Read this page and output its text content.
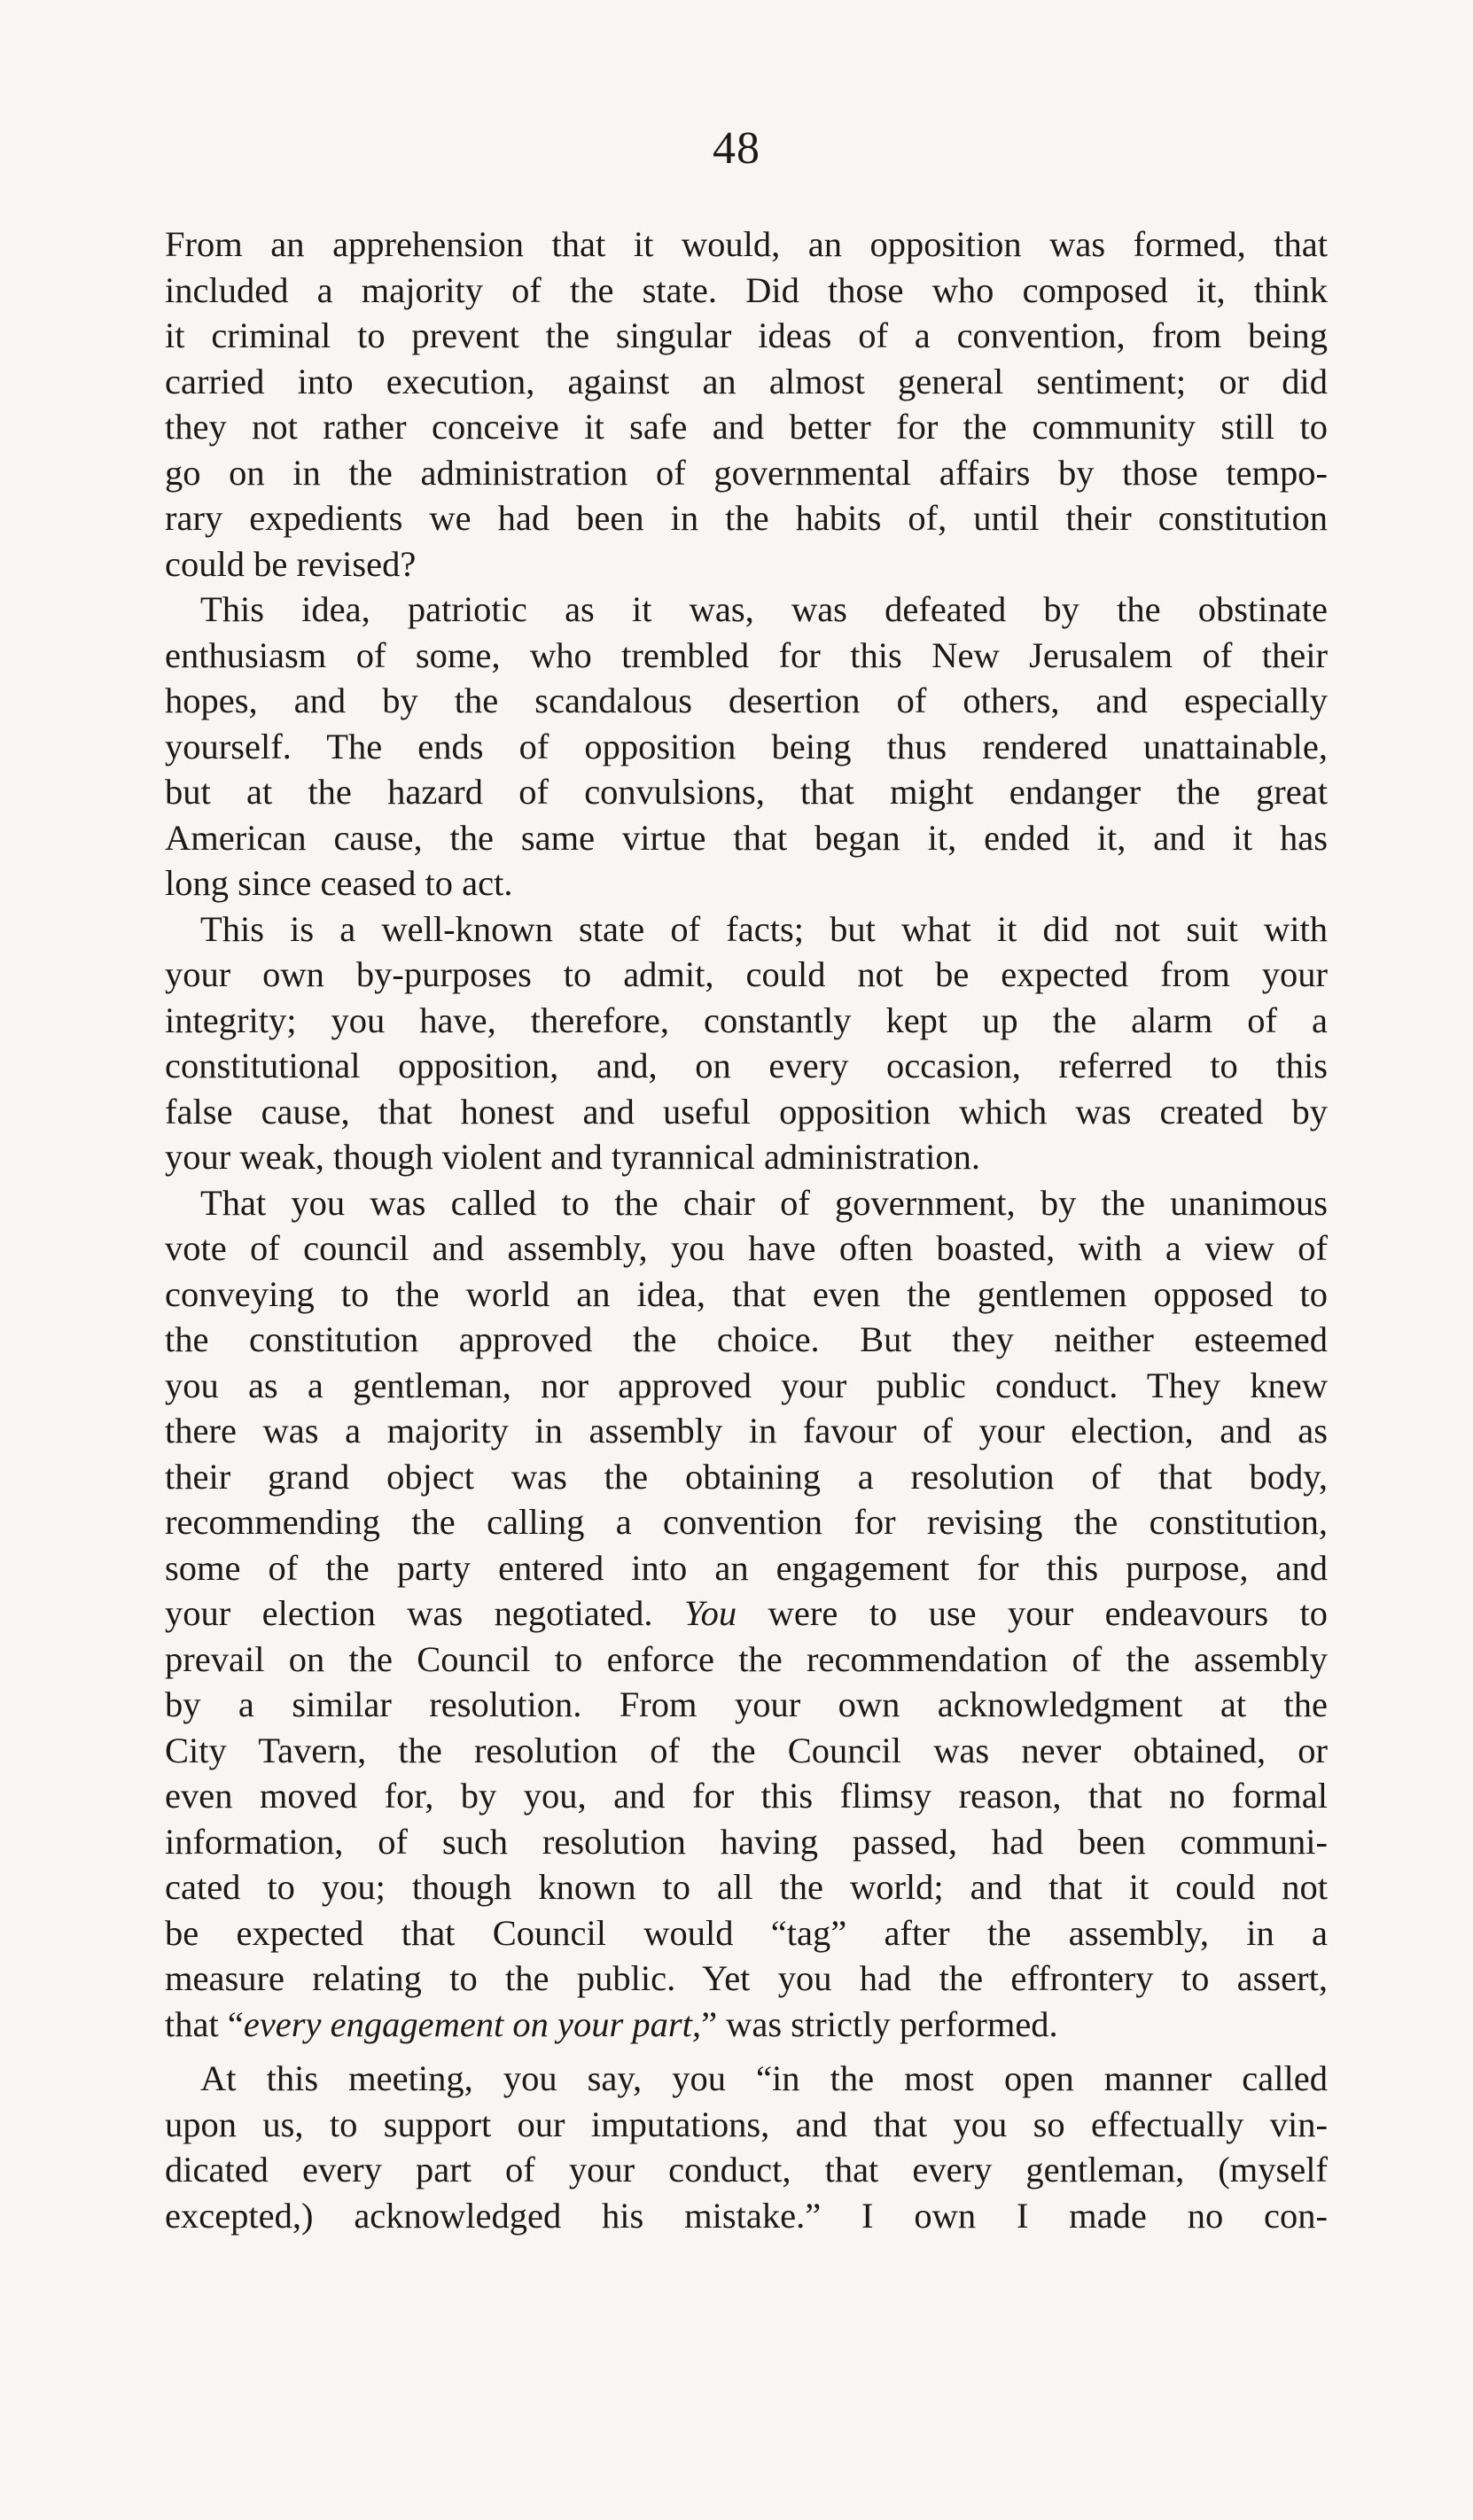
48
From an apprehension that it would, an opposition was formed, that
included a majority of the state. Did those who composed it, think
it criminal to prevent the singular ideas of a convention, from being
carried into execution, against an almost general sentiment; or did
they not rather conceive it safe and better for the community still to
go on in the administration of governmental affairs by those tempo-
rary expedients we had been in the habits of, until their constitution
could be revised?
This idea, patriotic as it was, was defeated by the obstinate
enthusiasm of some, who trembled for this New Jerusalem of their
hopes, and by the scandalous desertion of others, and especially
yourself. The ends of opposition being thus rendered unattainable,
but at the hazard of convulsions, that might endanger the great
American cause, the same virtue that began it, ended it, and it has
long since ceased to act.
This is a well-known state of facts; but what it did not suit with
your own by-purposes to admit, could not be expected from your
integrity; you have, therefore, constantly kept up the alarm of a
constitutional opposition, and, on every occasion, referred to this
false cause, that honest and useful opposition which was created by
your weak, though violent and tyrannical administration.
That you was called to the chair of government, by the unanimous
vote of council and assembly, you have often boasted, with a view of
conveying to the world an idea, that even the gentlemen opposed to
the constitution approved the choice. But they neither esteemed
you as a gentleman, nor approved your public conduct. They knew
there was a majority in assembly in favour of your election, and as
their grand object was the obtaining a resolution of that body,
recommending the calling a convention for revising the constitution,
some of the party entered into an engagement for this purpose, and
your election was negotiated. You were to use your endeavours to
prevail on the Council to enforce the recommendation of the assembly
by a similar resolution. From your own acknowledgment at the
City Tavern, the resolution of the Council was never obtained, or
even moved for, by you, and for this flimsy reason, that no formal
information, of such resolution having passed, had been communi-
cated to you; though known to all the world; and that it could not
be expected that Council would “tag” after the assembly, in a
measure relating to the public. Yet you had the effrontery to assert,
that “every engagement on your part,” was strictly performed.
At this meeting, you say, you “in the most open manner called
upon us, to support our imputations, and that you so effectually vin-
dicated every part of your conduct, that every gentleman, (myself
excepted,) acknowledged his mistake.” I own I made no con-
